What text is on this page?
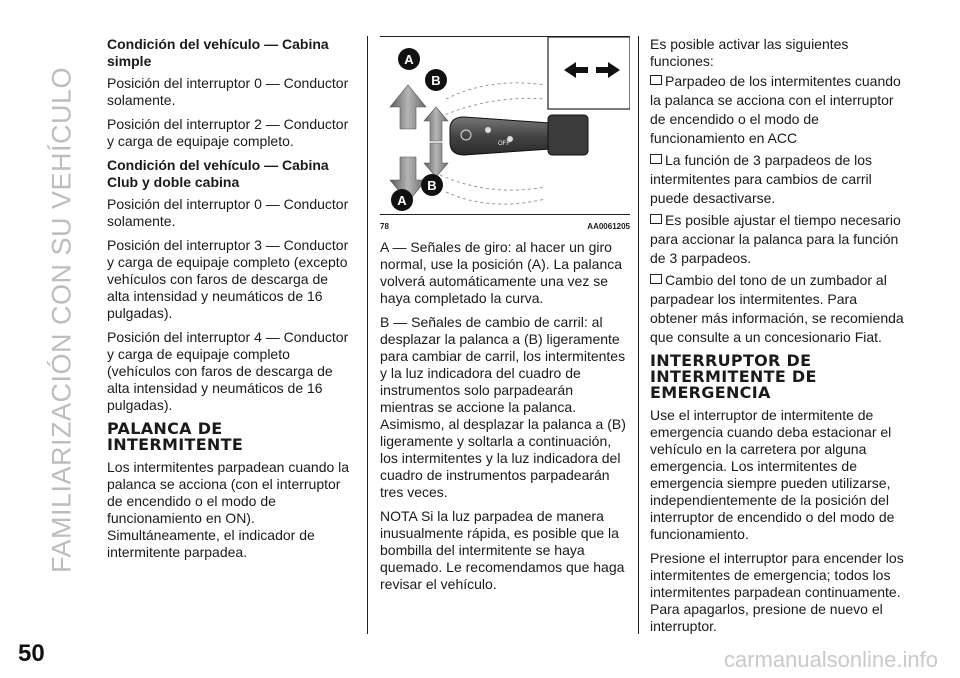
FAMILIARIZACIÓN CON SU VEHÍCULO
Condición del vehículo — Cabina simple

Posición del interruptor 0 — Conductor solamente.

Posición del interruptor 2 — Conductor y carga de equipaje completo.

Condición del vehículo — Cabina Club y doble cabina

Posición del interruptor 0 — Conductor solamente.

Posición del interruptor 3 — Conductor y carga de equipaje completo (excepto vehículos con faros de descarga de alta intensidad y neumáticos de 16 pulgadas).

Posición del interruptor 4 — Conductor y carga de equipaje completo (vehículos con faros de descarga de alta intensidad y neumáticos de 16 pulgadas).

PALANCA DE INTERMITENTE

Los intermitentes parpadean cuando la palanca se acciona (con el interruptor de encendido o el modo de funcionamiento en ON). Simultáneamente, el indicador de intermitente parpadea.

OFF
A
B
B
A
78	AA0061205

A — Señales de giro: al hacer un giro normal, use la posición (A). La palanca volverá automáticamente una vez se haya completado la curva.

B — Señales de cambio de carril: al desplazar la palanca a (B) ligeramente para cambiar de carril, los intermitentes y la luz indicadora del cuadro de instrumentos solo parpadearán mientras se accione la palanca. Asimismo, al desplazar la palanca a (B) ligeramente y soltarla a continuación, los intermitentes y la luz indicadora del cuadro de instrumentos parpadearán tres veces.

NOTA Si la luz parpadea de manera inusualmente rápida, es posible que la bombilla del intermitente se haya quemado. Le recomendamos que haga revisar el vehículo.

Es posible activar las siguientes funciones:

Parpadeo de los intermitentes cuando la palanca se acciona con el interruptor de encendido o el modo de funcionamiento en ACC

La función de 3 parpadeos de los intermitentes para cambios de carril puede desactivarse.

Es posible ajustar el tiempo necesario para accionar la palanca para la función de 3 parpadeos.

Cambio del tono de un zumbador al parpadear los intermitentes. Para obtener más información, se recomienda que consulte a un concesionario Fiat.

INTERRUPTOR DE INTERMITENTE DE EMERGENCIA

Use el interruptor de intermitente de emergencia cuando deba estacionar el vehículo en la carretera por alguna emergencia. Los intermitentes de emergencia siempre pueden utilizarse, independientemente de la posición del interruptor de encendido o del modo de funcionamiento.

Presione el interruptor para encender los intermitentes de emergencia; todos los intermitentes parpadean continuamente. Para apagarlos, presione de nuevo el interruptor.

50	carmanualsonline.info
